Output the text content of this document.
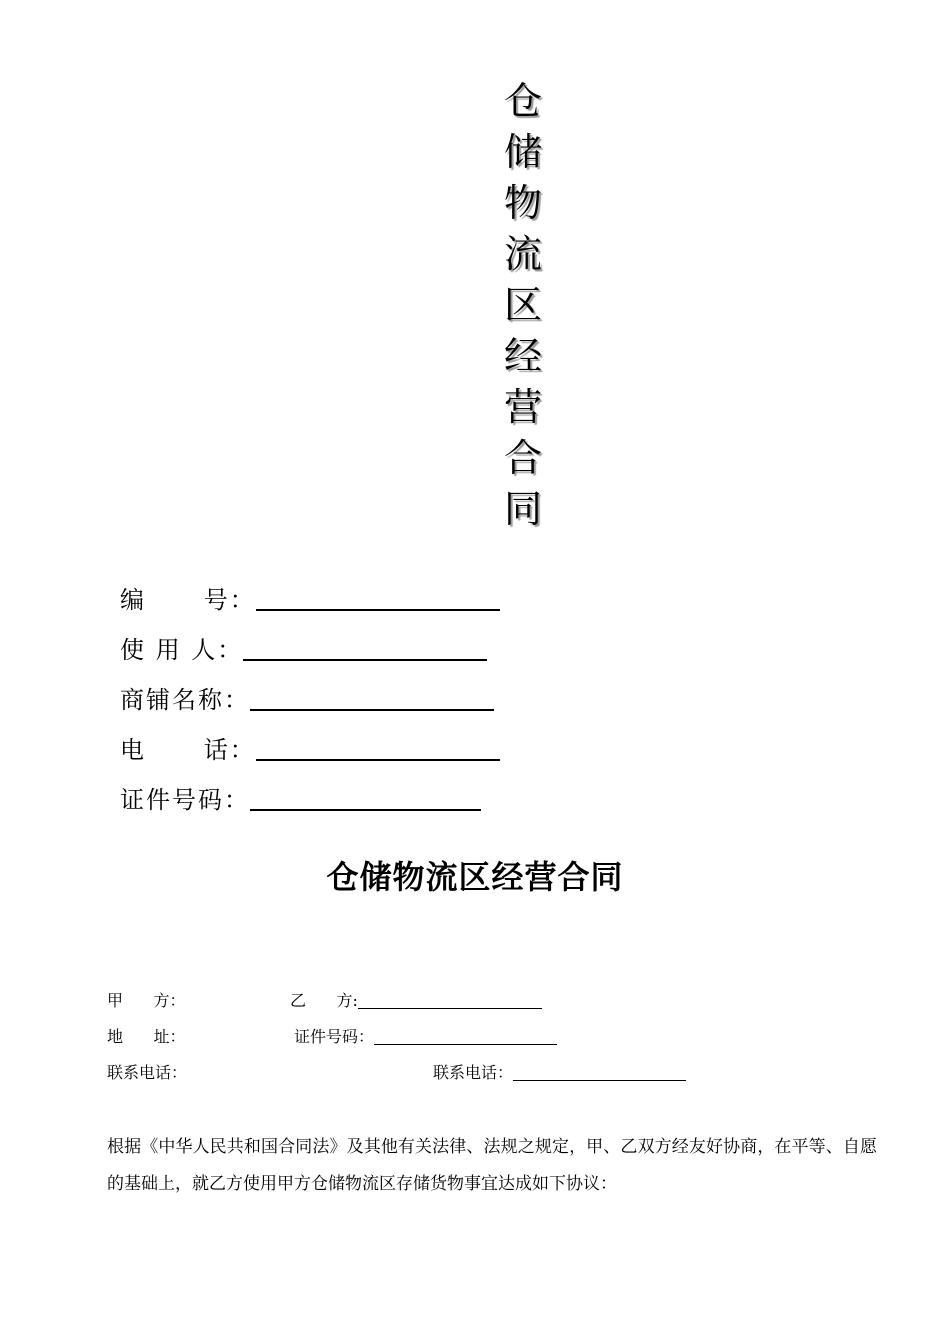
仓
储
物
流
区
经
营
合
同
编      号：
使 用 人：
商铺名称：
电      话：
证件号码：
仓储物流区经营合同
甲      方：	乙      方:
地      址：	证件号码：
联系电话：	联系电话：
根据《中华人民共和国合同法》及其他有关法律、法规之规定，甲、乙双方经友好协商，在平等、自愿的基础上，就乙方使用甲方仓储物流区存储货物事宜达成如下协议：
